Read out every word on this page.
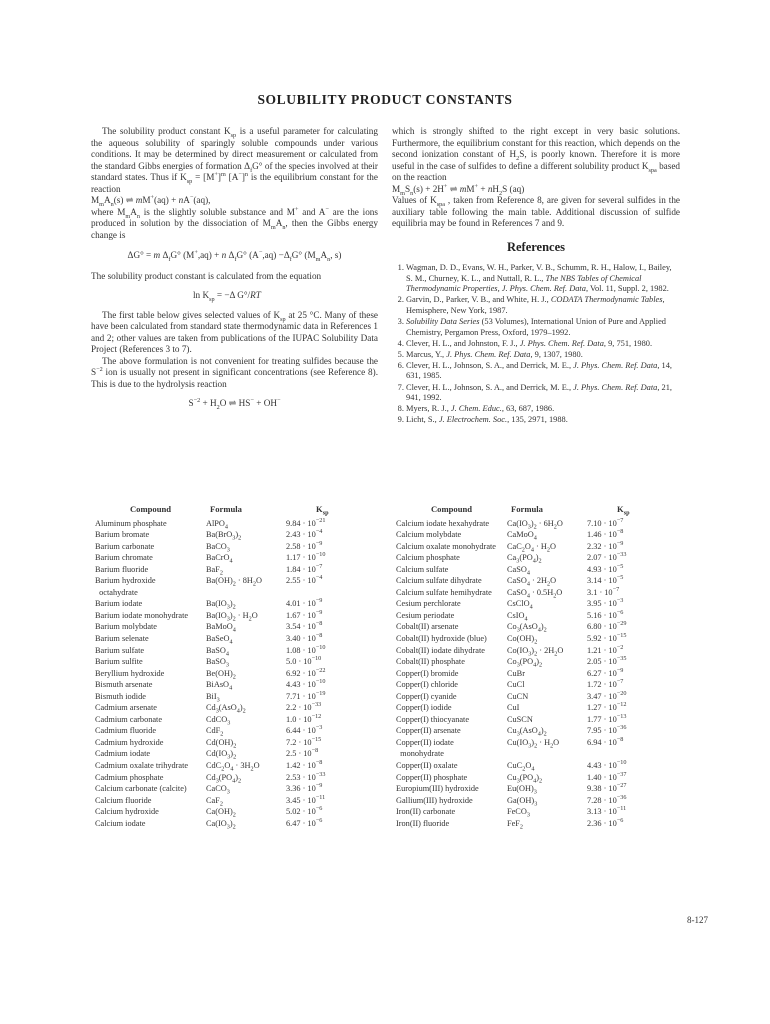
SOLUBILITY PRODUCT CONSTANTS

The solubility product constant $K_{sp}$ is a useful parameter for calculating the aqueous solubility of sparingly soluble compounds under various conditions. It may be determined by direct measurement or calculated from the standard Gibbs energies of formation $\Delta_fG^\circ$ of the species involved at their standard states. Thus if $K_{sp} = [M^+]^m$ $[A^-]^n$ is the equilibrium constant for the reaction

$M_mA_n(s)$ ⇌ mM+(aq) + nA−(aq),

where $M_mA_n$ is the slightly soluble substance and M+ and A− are the ions produced in solution by the dissociation of $M_mA_n$, then the Gibbs energy change is

ΔG° = m $\Delta_fG^\circ$ (M+,aq) + n $\Delta_fG^\circ$ $(A^-,aq) -\Delta_fG^\circ$ ($M_mA_n$, s)

The solubility product constant is calculated from the equation

$\ln K_{sp} = -\Delta$ G°/RT

The first table below gives selected values of $K_{sp}$ at 25 °C. Many of these have been calculated from standard state thermodynamic data in References 1 and 2; other values are taken from publications of the IUPAC Solubility Data Project (References 3 to 7).

The above formulation is not convenient for treating sulfides because the $S^{-2}$ ion is usually not present in significant concentrations (see Reference 8). This is due to the hydrolysis reaction

$S^{-2} + H_2O$ ⇌ HS− + OH−

which is strongly shifted to the right except in very basic solutions. Furthermore, the equilibrium constant for this reaction, which depends on the second ionization constant of $H_2S$, is poorly known. Therefore it is more useful in the case of sulfides to define a different solubility product $K_{spa}$ based on the reaction

$M_mS_n(s) + 2H^+$ ⇌ $mM^+ + nH_2S$ (aq)

Values of $K_{spa}$ , taken from Reference 8, are given for several sulfides in the auxiliary table following the main table. Additional discussion of sulfide equilibria may be found in References 7 and 9.

References
1. Wagman, D. D., Evans, W. H., Parker, V. B., Schumm, R. H., Halow, I., Bailey, S. M., Churney, K. L., and Nuttall, R. L., The NBS Tables of Chemical Thermodynamic Properties, J. Phys. Chem. Ref. Data, Vol. 11, Suppl. 2, 1982.
2. Garvin, D., Parker, V. B., and White, H. J., CODATA Thermodynamic Tables, Hemisphere, New York, 1987.
3. Solubility Data Series (53 Volumes), International Union of Pure and Applied Chemistry, Pergamon Press, Oxford, 1979–1992.
4. Clever, H. L., and Johnston, F. J., J. Phys. Chem. Ref. Data, 9, 751, 1980.
5. Marcus, Y., J. Phys. Chem. Ref. Data, 9, 1307, 1980.
6. Clever, H. L., Johnson, S. A., and Derrick, M. E., J. Phys. Chem. Ref. Data, 14, 631, 1985.
7. Clever, H. L., Johnson, S. A., and Derrick, M. E., J. Phys. Chem. Ref. Data, 21, 941, 1992.
8. Myers, R. J., J. Chem. Educ., 63, 687, 1986.
9. Licht, S., J. Electrochem. Soc., 135, 2971, 1988.
Compound	Formula	$K_{sp}$
Aluminum phosphate	AlPO$_4$	$9.84 \cdot 10^{-21}$
Barium bromate	$Ba(BrO_3)_2$	$2.43 \cdot 10^{-4}$
Barium carbonate	BaCO$_3$	$2.58 \cdot 10^{-9}$
Barium chromate	BaCrO$_4$	$1.17 \cdot 10^{-10}$
Barium fluoride	BaF$_2$	$1.84 \cdot 10^{-7}$
Barium hydroxide	$Ba(OH)_2 \cdot 8H_2O$	$2.55 \cdot 10^{-4}$
octahydrate
Barium iodate	$Ba(IO_3)_2$	$4.01 \cdot 10^{-9}$
Barium iodate monohydrate	$Ba(IO_3)_2 \cdot H_2O$	$1.67 \cdot 10^{-9}$
Barium molybdate	BaMoO$_4$	$3.54 \cdot 10^{-8}$
Barium selenate	BaSeO$_4$	$3.40 \cdot 10^{-8}$
Barium sulfate	BaSO$_4$	$1.08 \cdot 10^{-10}$
Barium sulfite	BaSO$_3$	$5.0 \cdot 10^{-10}$
Beryllium hydroxide	$Be(OH)_2$	$6.92 \cdot 10^{-22}$
Bismuth arsenate	BiAsO$_4$	$4.43 \cdot 10^{-10}$
Bismuth iodide	BiI$_3$	$7.71 \cdot 10^{-19}$
Cadmium arsenate	$Cd_3(AsO_4)_2$	$2.2 \cdot 10^{-33}$
Cadmium carbonate	CdCO$_3$	$1.0 \cdot 10^{-12}$
Cadmium fluoride	CdF$_2$	$6.44 \cdot 10^{-3}$
Cadmium hydroxide	$Cd(OH)_2$	$7.2 \cdot 10^{-15}$
Cadmium iodate	$Cd(IO_3)_2$	$2.5 \cdot 10^{-8}$
Cadmium oxalate trihydrate	$CdC_2O_4 \cdot 3H_2O$	$1.42 \cdot 10^{-8}$
Cadmium phosphate	$Cd_3(PO_4)_2$	$2.53 \cdot 10^{-33}$
Calcium carbonate (calcite)	CaCO$_3$	$3.36 \cdot 10^{-9}$
Calcium fluoride	CaF$_2$	$3.45 \cdot 10^{-11}$
Calcium hydroxide	$Ca(OH)_2$	$5.02 \cdot 10^{-6}$
Calcium iodate	$Ca(IO_3)_2$	$6.47 \cdot 10^{-6}$
Compound	Formula	$K_{sp}$
Calcium iodate hexahydrate	$Ca(IO_3)_2 \cdot 6H_2O$	$7.10 \cdot 10^{-7}$
Calcium molybdate	CaMoO$_4$	$1.46 \cdot 10^{-8}$
Calcium oxalate monohydrate	$CaC_2O_4 \cdot H_2O$	$2.32 \cdot 10^{-9}$
Calcium phosphate	$Ca_3(PO_4)_2$	$2.07 \cdot 10^{-33}$
Calcium sulfate	CaSO$_4$	$4.93 \cdot 10^{-5}$
Calcium sulfate dihydrate	CaSO$_4$ · $2H_2O$	$3.14 \cdot 10^{-5}$
Calcium sulfate hemihydrate	CaSO$_4$ · $0.5H_2O$	$3.1 \cdot 10^{-7}$
Cesium perchlorate	CsClO$_4$	$3.95 \cdot 10^{-3}$
Cesium periodate	CsIO$_4$	$5.16 \cdot 10^{-6}$
Cobalt(II) arsenate	$Co_3(AsO_4)_2$	$6.80 \cdot 10^{-29}$
Cobalt(II) hydroxide (blue)	$Co(OH)_2$	$5.92 \cdot 10^{-15}$
Cobalt(II) iodate dihydrate	$Co(IO_3)_2 \cdot 2H_2O$	$1.21 \cdot 10^{-2}$
Cobalt(II) phosphate	$Co_3(PO_4)_2$	$2.05 \cdot 10^{-35}$
Copper(I) bromide	CuBr	$6.27 \cdot 10^{-9}$
Copper(I) chloride	CuCl	$1.72 \cdot 10^{-7}$
Copper(I) cyanide	CuCN	$3.47 \cdot 10^{-20}$
Copper(I) iodide	CuI	$1.27 \cdot 10^{-12}$
Copper(I) thiocyanate	CuSCN	$1.77 \cdot 10^{-13}$
Copper(II) arsenate	$Cu_3(AsO_4)_2$	$7.95 \cdot 10^{-36}$
Copper(II) iodate	$Cu(IO_3)_2 \cdot H_2O$	$6.94 \cdot 10^{-8}$
monohydrate
Copper(II) oxalate	$CuC_2O_4$	$4.43 \cdot 10^{-10}$
Copper(II) phosphate	$Cu_3(PO_4)_2$	$1.40 \cdot 10^{-37}$
Europium(III) hydroxide	$Eu(OH)_3$	$9.38 \cdot 10^{-27}$
Gallium(III) hydroxide	$Ga(OH)_3$	$7.28 \cdot 10^{-36}$
Iron(II) carbonate	FeCO$_3$	$3.13 \cdot 10^{-11}$
Iron(II) fluoride	FeF$_2$	$2.36 \cdot 10^{-6}$
8-127
